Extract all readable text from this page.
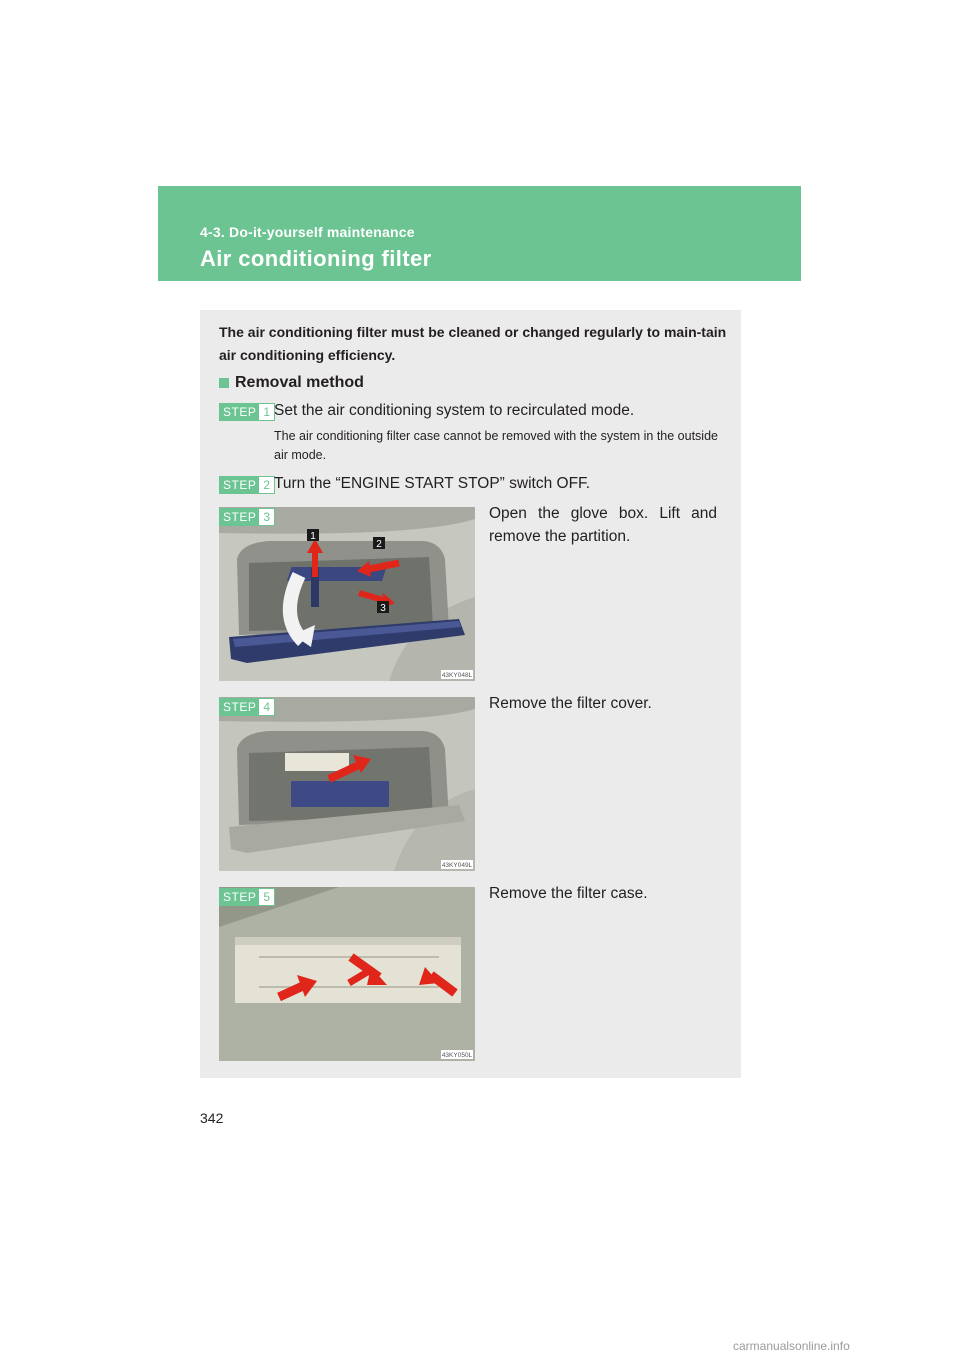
4-3. Do-it-yourself maintenance
Air conditioning filter
The air conditioning filter must be cleaned or changed regularly to main-tain air conditioning efficiency.
Removal method
STEP 1 Set the air conditioning system to recirculated mode.
The air conditioning filter case cannot be removed with the system in the outside air mode.
STEP 2 Turn the “ENGINE START STOP” switch OFF.
1
2
3
43KY048L
STEP 3	Open the glove box. Lift and remove the partition.
43KY049L
STEP 4	Remove the filter cover.
43KY050L
STEP 5	Remove the filter case.
342
carmanualsonline.info
